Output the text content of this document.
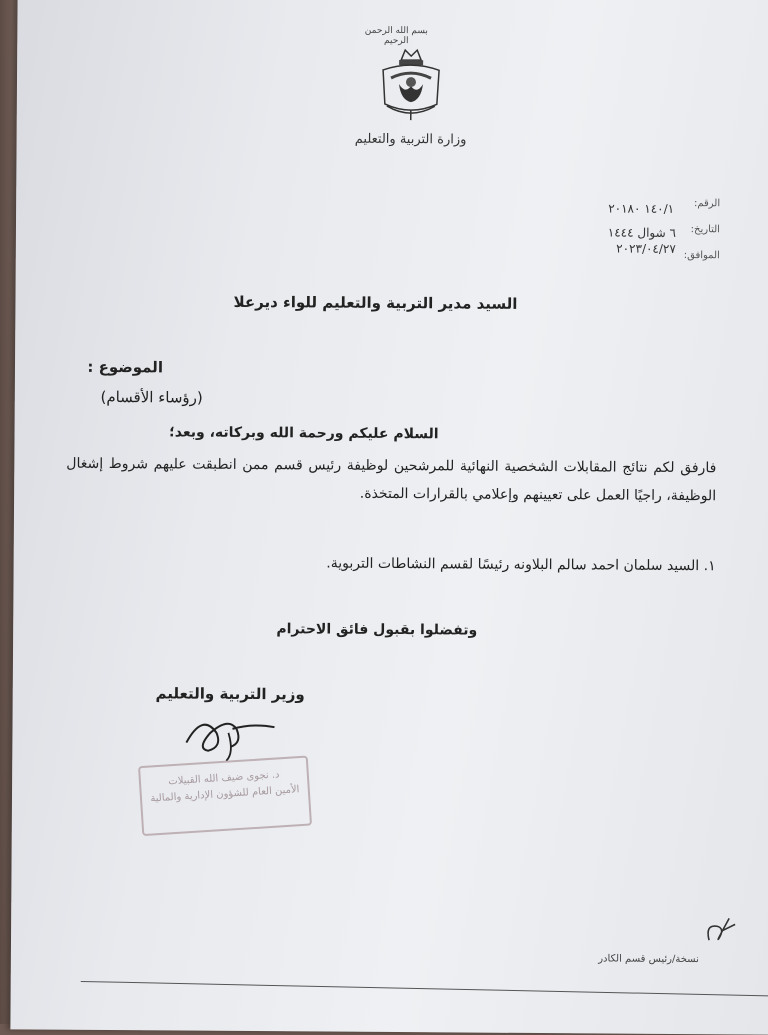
بسم الله الرحمن الرحيم
وزارة التربية والتعليم
الرقم:
١٤٠/١ ٢٠١٨٠
التاريخ:
٦ شوال ١٤٤٤
الموافق:
٢٠٢٣/٠٤/٢٧
السيد مدير التربية والتعليم للواء ديرعلا
الموضوع :
(رؤساء الأقسام)
السلام عليكم ورحمة الله وبركاته، وبعد؛
فارفق لكم نتائج المقابلات الشخصية النهائية للمرشحين لوظيفة رئيس قسم ممن انطبقت عليهم شروط إشغال الوظيفة، راجيًا العمل على تعيينهم وإعلامي بالقرارات المتخذة.
١. السيد سلمان احمد سالم البلاونه رئيسًا لقسم النشاطات التربوية.
وتفضلوا بقبول فائق الاحترام
وزير التربية والتعليم
د. نجوى ضيف الله القبيلات
الأمين العام للشؤون الإدارية والمالية
نسخة/رئيس قسم الكادر
